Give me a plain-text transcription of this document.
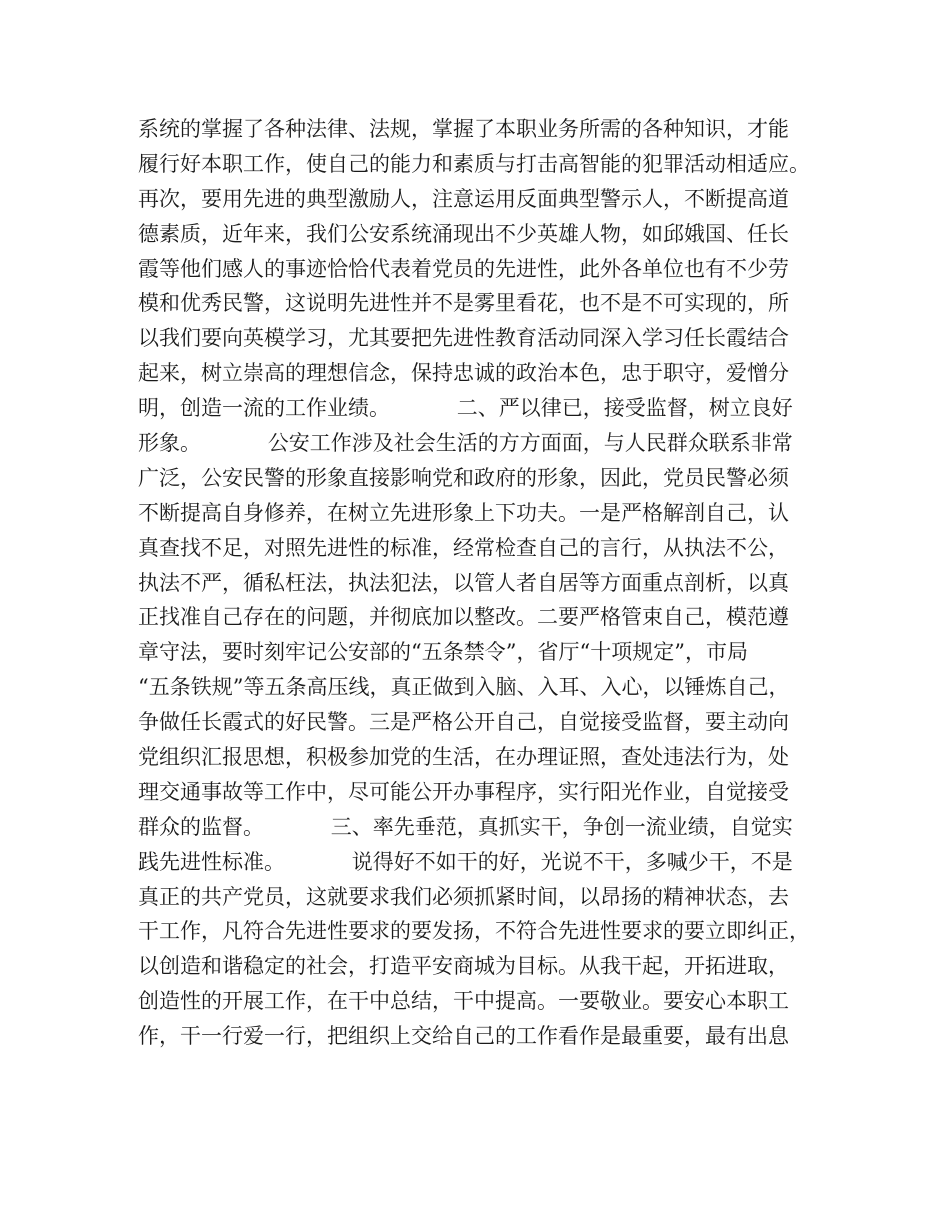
系统的掌握了各种法律、法规，掌握了本职业务所需的各种知识，才能
履行好本职工作，使自己的能力和素质与打击高智能的犯罪活动相适应。
再次，要用先进的典型激励人，注意运用反面典型警示人，不断提高道
德素质，近年来，我们公安系统涌现出不少英雄人物，如邱娥国、任长
霞等他们感人的事迹恰恰代表着党员的先进性，此外各单位也有不少劳
模和优秀民警，这说明先进性并不是雾里看花，也不是不可实现的，所
以我们要向英模学习，尤其要把先进性教育活动同深入学习任长霞结合
起来，树立崇高的理想信念，保持忠诚的政治本色，忠于职守，爱憎分
明，创造一流的工作业绩。          二、严以律已，接受监督，树立良好
形象。          公安工作涉及社会生活的方方面面，与人民群众联系非常
广泛，公安民警的形象直接影响党和政府的形象，因此，党员民警必须
不断提高自身修养，在树立先进形象上下功夫。一是严格解剖自己，认
真查找不足，对照先进性的标准，经常检查自己的言行，从执法不公，
执法不严，循私枉法，执法犯法，以管人者自居等方面重点剖析，以真
正找准自己存在的问题，并彻底加以整改。二要严格管束自己，模范遵
章守法，要时刻牢记公安部的“五条禁令”，省厅“十项规定”，市局
“五条铁规”等五条高压线，真正做到入脑、入耳、入心，以锤炼自己，
争做任长霞式的好民警。三是严格公开自己，自觉接受监督，要主动向
党组织汇报思想，积极参加党的生活，在办理证照，查处违法行为，处
理交通事故等工作中，尽可能公开办事程序，实行阳光作业，自觉接受
群众的监督。          三、率先垂范，真抓实干，争创一流业绩，自觉实
践先进性标准。          说得好不如干的好，光说不干，多喊少干，不是
真正的共产党员，这就要求我们必须抓紧时间，以昂扬的精神状态，去
干工作，凡符合先进性要求的要发扬，不符合先进性要求的要立即纠正，
以创造和谐稳定的社会，打造平安商城为目标。从我干起，开拓进取，
创造性的开展工作，在干中总结，干中提高。一要敬业。要安心本职工
作，干一行爱一行，把组织上交给自己的工作看作是最重要，最有出息
